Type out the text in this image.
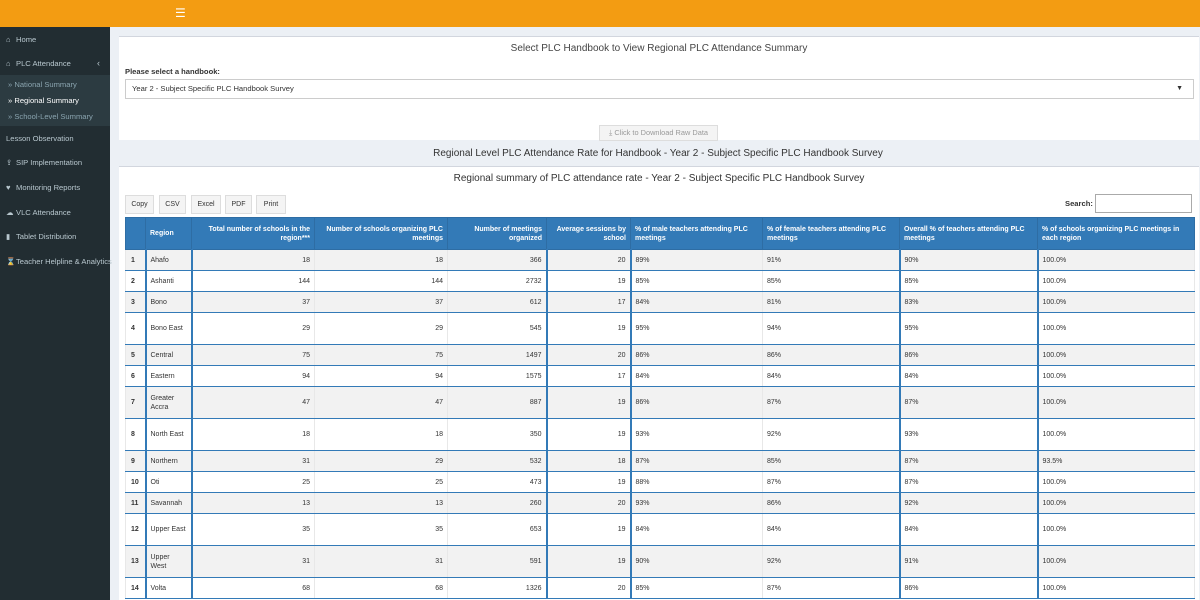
☰
⌂ Home
⌂ PLC Attendance	‹
» National Summary
» Regional Summary
» School-Level Summary
Lesson Observation
⇪ SIP Implementation
♥ Monitoring Reports
☁ VLC Attendance
▮ Tablet Distribution
⌛Teacher Helpline & Analytics
Select PLC Handbook to View Regional PLC Attendance Summary
Please select a handbook:
Year 2 - Subject Specific PLC Handbook Survey	▼
⤓ Click to Download Raw Data
Regional Level PLC Attendance Rate for Handbook - Year 2 - Subject Specific PLC Handbook Survey
Regional summary of PLC attendance rate - Year 2 - Subject Specific PLC Handbook Survey
Copy	CSV	Excel	PDF	Print	Search:
	Region	Total number of schools in the region***	Number of schools organizing PLC meetings	Number of meetings organized	Average sessions by school	% of male teachers attending PLC meetings	% of female teachers attending PLC meetings	Overall % of teachers attending PLC meetings	% of schools organizing PLC meetings in each region
1	Ahafo	18	18	366	20	89%	91%	90%	100.0%
2	Ashanti	144	144	2732	19	85%	85%	85%	100.0%
3	Bono	37	37	612	17	84%	81%	83%	100.0%
4	Bono East	29	29	545	19	95%	94%	95%	100.0%
5	Central	75	75	1497	20	86%	86%	86%	100.0%
6	Eastern	94	94	1575	17	84%	84%	84%	100.0%
7	Greater Accra	47	47	887	19	86%	87%	87%	100.0%
8	North East	18	18	350	19	93%	92%	93%	100.0%
9	Northern	31	29	532	18	87%	85%	87%	93.5%
10	Oti	25	25	473	19	88%	87%	87%	100.0%
11	Savannah	13	13	260	20	93%	86%	92%	100.0%
12	Upper East	35	35	653	19	84%	84%	84%	100.0%
13	Upper West	31	31	591	19	90%	92%	91%	100.0%
14	Volta	68	68	1326	20	85%	87%	86%	100.0%
